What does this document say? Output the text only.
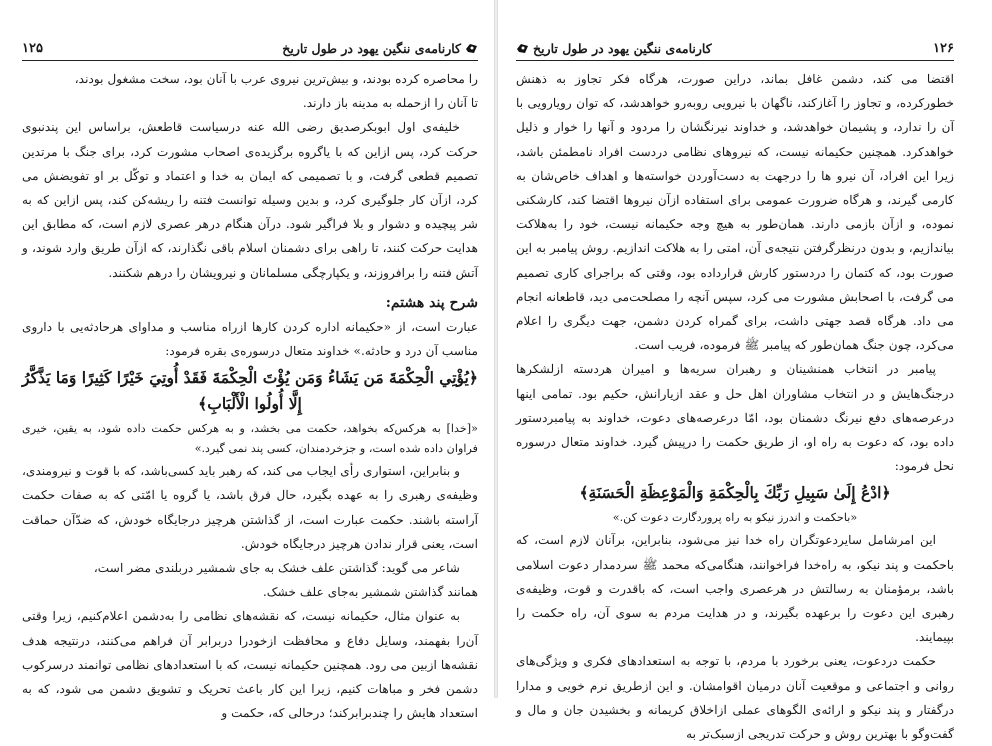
کارنامه‌ی ننگین یهود در طول تاریخ
۱۲۵

را محاصره کرده بودند، و بیش‌ترین نیروی عرب با آنان بود، سخت مشغول بودند،

تا آنان را ازحمله به مدینه باز دارند.

خلیفه‌ی اول ابوبکرصدیق رضی الله عنه درسیاست قاطعش، براساس این پندنبوی حرکت کرد، پس ازاین که با یاگروه برگزیده‌ی اصحاب مشورت کرد، برای جنگ با مرتدین تصمیم قطعی گرفت، و با تصمیمی که ایمان به خدا و اعتماد و توکّل بر او تفویضش می کرد، ازآن کار جلوگیری کرد، و بدین وسیله توانست فتنه را ریشه‌کن کند، پس ازاین که به شر پیچیده و دشوار و بلا فراگیر شود. درآن هنگام درهر عصری لازم است، که مطابق این هدایت حرکت کنند، تا راهی برای دشمنان اسلام باقی نگذارند، که ازآن طریق وارد شوند، و آتش فتنه را برافروزند، و یکپارچگی مسلمانان و نیرویشان را درهم شکنند.

شرح پند هشتم:

عبارت است، از «حکیمانه اداره کردن کارها ازراه مناسب و مداوای هرحادثه‌یی با داروی مناسب آن درد و حادثه.» خداوند متعال درسوره‌ی بقره فرمود:

﴿يُؤْتِي الْحِكْمَةَ مَن يَشَاءُ وَمَن يُؤْتَ الْحِكْمَةَ فَقَدْ أُوتِيَ خَيْرًا كَثِيرًا وَمَا يَذَّكَّرُ إِلَّا أُولُوا الْأَلْبَابِ﴾

«[خدا] به هرکس‌که بخواهد، حکمت می بخشد، و به هرکس حکمت داده شود، به یقین، خیری فراوان داده شده است، و جزخردمندان، کسی پند نمی گیرد.»

و بنابراین، استواری رأی ایجاب می کند، که رهبر باید کسی‌باشد، که با قوت و نیرومندی، وظیفه‌ی رهبری را به عهده بگیرد، حال فرق باشد، یا گروه یا امّتی که به صفات حکمت آراسته باشند. حکمت عبارت است، از گذاشتن هرچیز درجایگاه خودش، که ضدّآن حماقت است، یعنی قرار ندادن هرچیز درجایگاه خودش.

شاعر می گوید: گذاشتن علف خشک به جای شمشیر دربلندی مضر است،

همانند گذاشتن شمشیر به‌جای علف خشک.

به عنوان مثال، حکیمانه نیست، که نقشه‌های نظامی را به‌دشمن اعلام‌کنیم، زیرا وقتی آن‌را بفهمند، وسایل دفاع و محافظت ازخودرا دربرابر آن فراهم می‌کنند، درنتیجه هدف نقشه‌ها ازبین می رود. همچنین حکیمانه نیست، که با استعدادهای نظامی توانمند درسرکوب دشمن فخر و مباهات کنیم، زیرا این کار باعث تحریک و تشویق دشمن می شود، که به استعداد هایش را چندبرابرکند؛ درحالی که، حکمت و

۱۲۶
کارنامه‌ی ننگین یهود در طول تاریخ

اقتضا می کند، دشمن غافل بماند، دراین صورت، هرگاه فکر تجاوز به ذهنش خطورکرده، و تجاوز را آغازکند، ناگهان با نیرویی روبه‌رو خواهدشد، که توان رویارویی با آن را ندارد، و پشیمان خواهدشد، و خداوند نیرنگشان را مردود و آنها را خوار و ذلیل خواهدکرد. همچنین حکیمانه نیست، که نیروهای نظامی دردست افراد نامطمئن باشد، زیرا این افراد، آن نیرو ها را درجهت به دست‌آوردن خواسته‌ها و اهداف خاص‌شان به کارمی گیرند، و هرگاه ضرورت عمومی برای استفاده ازآن نیروها اقتضا کند، کارشکنی نموده، و ازآن بازمی دارند. همان‌طور به هیچ وجه حکیمانه نیست، خود را به‌هلاکت بیاندازیم، و بدون درنظرگرفتن نتیجه‌ی آن، امتی را به هلاکت اندازیم. روش پیامبر به این صورت بود، که کتمان را دردستور کارش قرارداده بود، وقتی که براجرای کاری تصمیم می گرفت، با اصحابش مشورت می کرد، سپس آنچه را مصلحت‌می دید، قاطعانه انجام می داد. هرگاه قصد جهتی داشت، برای گمراه کردن دشمن، جهت دیگری را اعلام می‌کرد، چون جنگ همان‌طور که پیامبر ﷺ فرموده، فریب است.

پیامبر در انتخاب همنشینان و رهبران سریه‌ها و امیران هردسته ازلشکرها درجنگ‌هایش و در انتخاب مشاوران اهل حل و عقد ازیارانش، حکیم بود. تمامی اینها درعرصه‌های دفع نیرنگ دشمنان بود، امّا درعرصه‌های دعوت، خداوند به پیامبردستور داده بود، که دعوت به راه او، از طریق حکمت را درپیش گیرد. خداوند متعال درسوره نحل فرمود:

﴿ادْعُ إِلَىٰ سَبِيلِ رَبِّكَ بِالْحِكْمَةِ وَالْمَوْعِظَةِ الْحَسَنَةِ﴾

«باحکمت و اندرز نیکو به راه پروردگارت دعوت کن.»

این امرشامل سایردعوتگران راه خدا نیز می‌شود، بنابراین، برآنان لازم است، که باحکمت و پند نیکو، به راه‌خدا فراخوانند، هنگامی‌که محمد ﷺ سردمدار دعوت اسلامی باشد، برمؤمنان به رسالتش در هرعصری واجب است، که باقدرت و قوت، وظیفه‌ی رهبری این دعوت را برعهده بگیرند، و در هدایت مردم به سوی آن، راه حکمت را بپیمایند.

حکمت دردعوت، یعنی برخورد با مردم، با توجه به استعدادهای فکری و ویژگی‌های روانی و اجتماعی و موقعیت آنان درمیان اقوامشان. و این ازطریق نرم خویی و مدارا درگفتار و پند نیکو و ارائه‌ی الگوهای عملی ازاخلاق کریمانه و بخشیدن جان و مال و گفت‌وگو با بهترین روش و حرکت تدریجی ازسبک‌تر به
